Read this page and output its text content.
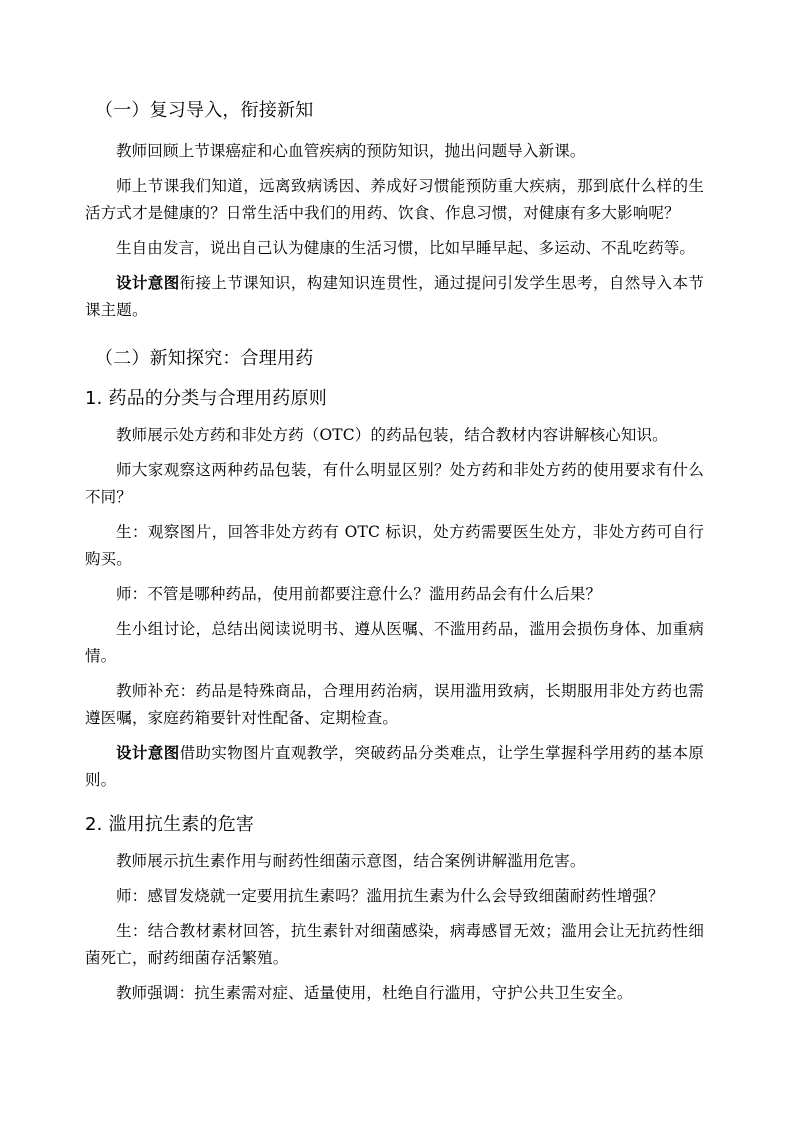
（一）复习导入，衔接新知

教师回顾上节课癌症和心血管疾病的预防知识，抛出问题导入新课。

师上节课我们知道，远离致病诱因、养成好习惯能预防重大疾病，那到底什么样的生活方式才是健康的？日常生活中我们的用药、饮食、作息习惯，对健康有多大影响呢？

生自由发言，说出自己认为健康的生活习惯，比如早睡早起、多运动、不乱吃药等。

设计意图衔接上节课知识，构建知识连贯性，通过提问引发学生思考，自然导入本节课主题。

（二）新知探究：合理用药
1. 药品的分类与合理用药原则

教师展示处方药和非处方药（OTC）的药品包装，结合教材内容讲解核心知识。

师大家观察这两种药品包装，有什么明显区别？处方药和非处方药的使用要求有什么不同？

生：观察图片，回答非处方药有 OTC 标识，处方药需要医生处方，非处方药可自行购买。

师：不管是哪种药品，使用前都要注意什么？滥用药品会有什么后果？

生小组讨论，总结出阅读说明书、遵从医嘱、不滥用药品，滥用会损伤身体、加重病情。

教师补充：药品是特殊商品，合理用药治病，误用滥用致病，长期服用非处方药也需遵医嘱，家庭药箱要针对性配备、定期检查。

设计意图借助实物图片直观教学，突破药品分类难点，让学生掌握科学用药的基本原则。

2. 滥用抗生素的危害

教师展示抗生素作用与耐药性细菌示意图，结合案例讲解滥用危害。

师：感冒发烧就一定要用抗生素吗？滥用抗生素为什么会导致细菌耐药性增强？

生：结合教材素材回答，抗生素针对细菌感染，病毒感冒无效；滥用会让无抗药性细菌死亡，耐药细菌存活繁殖。

教师强调：抗生素需对症、适量使用，杜绝自行滥用，守护公共卫生安全。
